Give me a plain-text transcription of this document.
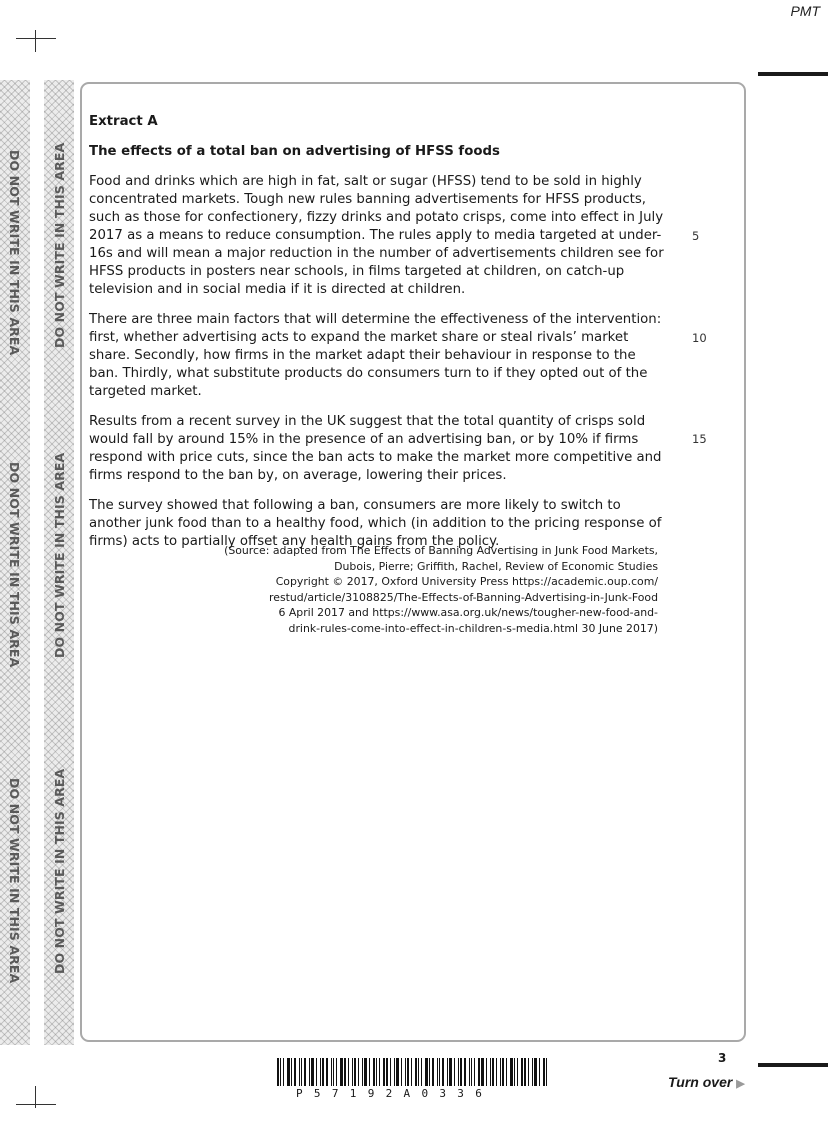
PMT
DO NOT WRITE IN THIS AREA
DO NOT WRITE IN THIS AREA
DO NOT WRITE IN THIS AREA
DO NOT WRITE IN THIS AREA
DO NOT WRITE IN THIS AREA
DO NOT WRITE IN THIS AREA
Extract A
The effects of a total ban on advertising of HFSS foods

Food and drinks which are high in fat, salt or sugar (HFSS) tend to be sold in highly concentrated markets. Tough new rules banning advertisements for HFSS products, such as those for confectionery, fizzy drinks and potato crisps, come into effect in July 2017 as a means to reduce consumption. The rules apply to media targeted at under-16s and will mean a major reduction in the number of advertisements children see for HFSS products in posters near schools, in films targeted at children, on catch-up television and in social media if it is directed at children.

There are three main factors that will determine the effectiveness of the intervention: first, whether advertising acts to expand the market share or steal rivals’ market share. Secondly, how firms in the market adapt their behaviour in response to the ban. Thirdly, what substitute products do consumers turn to if they opted out of the targeted market.

Results from a recent survey in the UK suggest that the total quantity of crisps sold would fall by around 15% in the presence of an advertising ban, or by 10% if firms respond with price cuts, since the ban acts to make the market more competitive and firms respond to the ban by, on average, lowering their prices.

The survey showed that following a ban, consumers are more likely to switch to another junk food than to a healthy food, which (in addition to the pricing response of firms) acts to partially offset any health gains from the policy.

5
10
15
(Source: adapted from The Effects of Banning Advertising in Junk Food Markets,
Dubois, Pierre; Griffith, Rachel, Review of Economic Studies
Copyright © 2017, Oxford University Press https://academic.oup.com/
restud/article/3108825/The-Effects-of-Banning-Advertising-in-Junk-Food
6 April 2017 and https://www.asa.org.uk/news/tougher-new-food-and-
drink-rules-come-into-effect-in-children-s-media.html 30 June 2017)
P57192A0336
3
Turn over ▶
